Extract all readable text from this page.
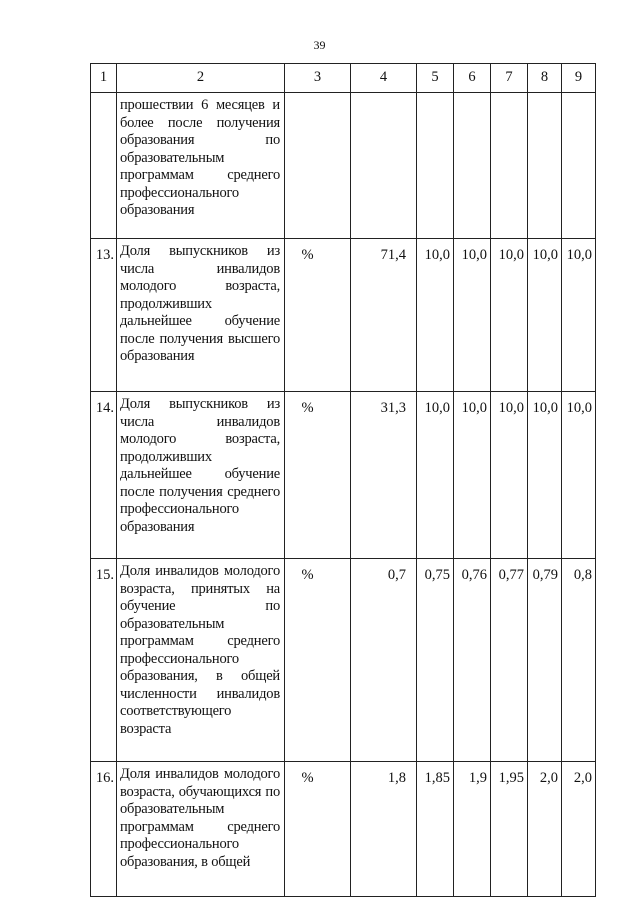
39
1	2	3	4	5	6	7	8	9
	прошествии 6 месяцев и более после получения образования по образовательным программам среднего профессионального образования							
13.	Доля выпускников из числа инвалидов молодого возраста, продолживших дальнейшее обучение после получения высшего образования	%	71,4	10,0	10,0	10,0	10,0	10,0
14.	Доля выпускников из числа инвалидов молодого возраста, продолживших дальнейшее обучение после получения среднего профессионального образования	%	31,3	10,0	10,0	10,0	10,0	10,0
15.	Доля инвалидов молодого возраста, принятых на обучение по образовательным программам среднего профессионального образования, в общей численности инвалидов соответствующего возраста	%	0,7	0,75	0,76	0,77	0,79	0,8
16.	Доля инвалидов молодого возраста, обучающихся по образовательным программам среднего профессионального образования, в общей	%	1,8	1,85	1,9	1,95	2,0	2,0
